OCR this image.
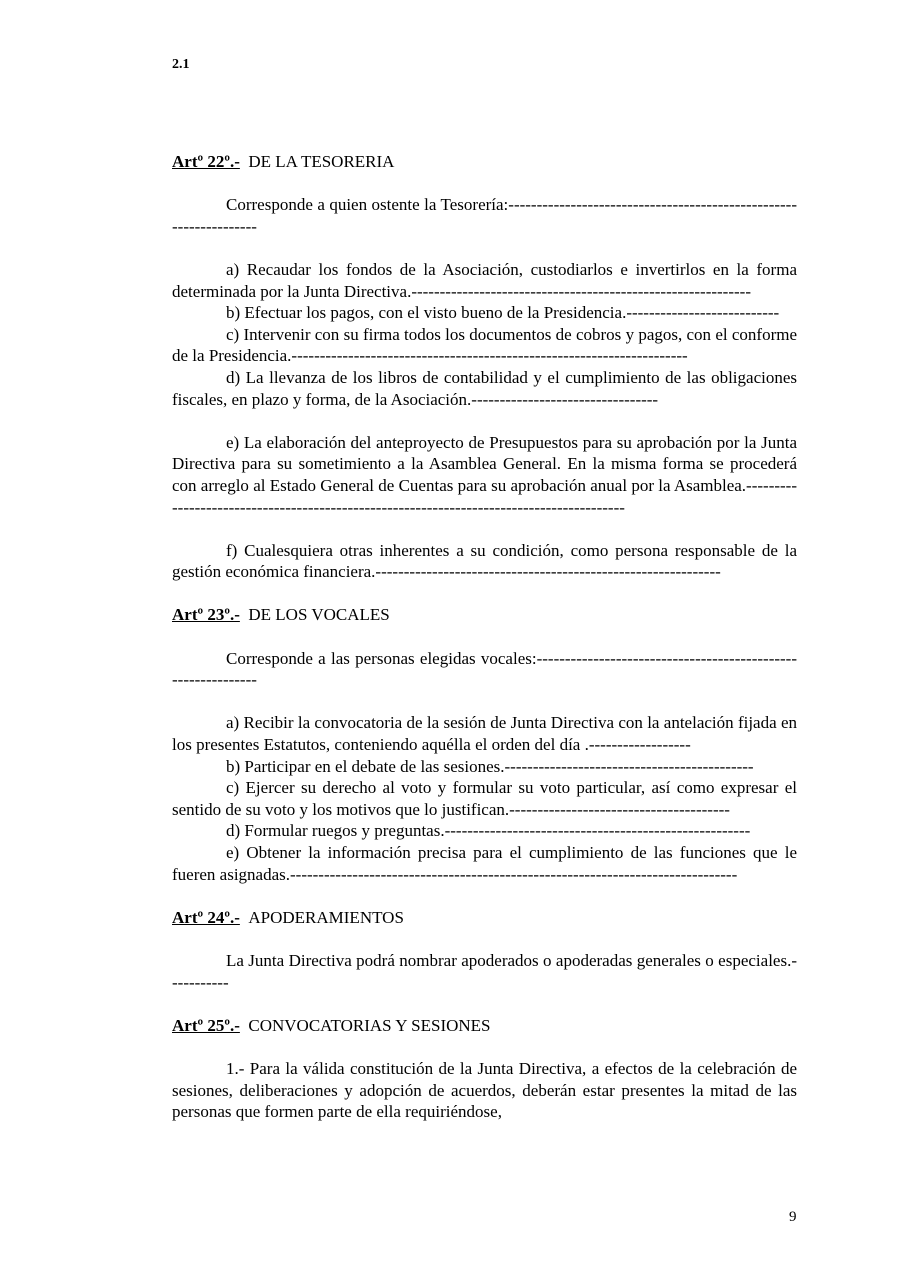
2.1
Artº 22º.- DE LA TESORERIA

Corresponde a quien ostente la Tesorería:------------------------------------------------------------------

a) Recaudar los fondos de la Asociación, custodiarlos e invertirlos en la forma determinada por la Junta Directiva.------------------------------------------------------------

b) Efectuar los pagos, con el visto bueno de la Presidencia.---------------------------

c) Intervenir con su firma todos los documentos de cobros y pagos, con el conforme de la Presidencia.----------------------------------------------------------------------

d) La llevanza de los libros de contabilidad y el cumplimiento de las obligaciones fiscales, en plazo y forma, de la Asociación.---------------------------------

e) La elaboración del anteproyecto de Presupuestos para su aprobación por la Junta Directiva para su sometimiento a la Asamblea General. En la misma forma se procederá con arreglo al Estado General de Cuentas para su aprobación anual por la Asamblea.-----------------------------------------------------------------------------------------

f) Cualesquiera otras inherentes a su condición, como persona responsable de la gestión económica financiera.-------------------------------------------------------------

Artº 23º.- DE LOS VOCALES

Corresponde a las personas elegidas vocales:-------------------------------------------------------------

a) Recibir la convocatoria de la sesión de Junta Directiva con la antelación fijada en los presentes Estatutos, conteniendo aquélla el orden del día .------------------

b) Participar en el debate de las sesiones.--------------------------------------------

c) Ejercer su derecho al voto y formular su voto particular, así como expresar el sentido de su voto y los motivos que lo justifican.---------------------------------------

d) Formular ruegos y preguntas.------------------------------------------------------

e) Obtener la información precisa para el cumplimiento de las funciones que le fueren asignadas.-------------------------------------------------------------------------------

Artº 24º.- APODERAMIENTOS

La Junta Directiva podrá nombrar apoderados o apoderadas generales o especiales.-----------

Artº 25º.- CONVOCATORIAS Y SESIONES

1.- Para la válida constitución de la Junta Directiva, a efectos de la celebración de sesiones, deliberaciones y adopción de acuerdos, deberán estar presentes la mitad de las personas que formen parte de ella requiriéndose,

9
